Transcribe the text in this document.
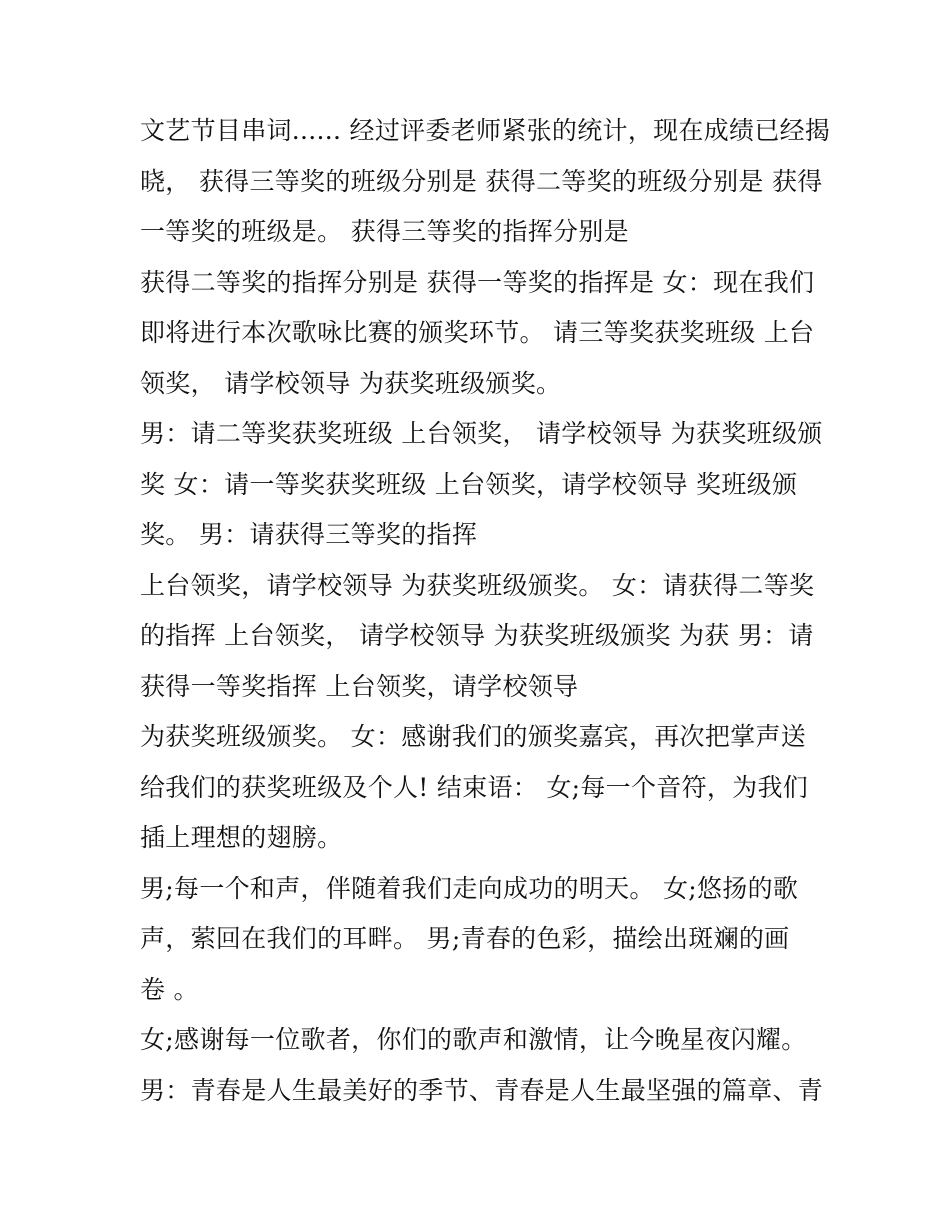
文艺节目串词...... 经过评委老师紧张的统计，现在成绩已经揭
晓， 获得三等奖的班级分别是 获得二等奖的班级分别是 获得
一等奖的班级是。 获得三等奖的指挥分别是
获得二等奖的指挥分别是 获得一等奖的指挥是 女：现在我们
即将进行本次歌咏比赛的颁奖环节。 请三等奖获奖班级 上台
领奖， 请学校领导 为获奖班级颁奖。
男：请二等奖获奖班级 上台领奖， 请学校领导 为获奖班级颁
奖 女：请一等奖获奖班级 上台领奖，请学校领导 奖班级颁
奖。 男：请获得三等奖的指挥
上台领奖，请学校领导 为获奖班级颁奖。 女：请获得二等奖
的指挥 上台领奖， 请学校领导 为获奖班级颁奖 为获 男：请
获得一等奖指挥 上台领奖，请学校领导
为获奖班级颁奖。 女：感谢我们的颁奖嘉宾，再次把掌声送
给我们的获奖班级及个人! 结束语： 女;每一个音符，为我们
插上理想的翅膀。
男;每一个和声，伴随着我们走向成功的明天。 女;悠扬的歌
声，萦回在我们的耳畔。 男;青春的色彩，描绘出斑斓的画
卷 。
女;感谢每一位歌者，你们的歌声和激情，让今晚星夜闪耀。
男：青春是人生最美好的季节、青春是人生最坚强的篇章、青
